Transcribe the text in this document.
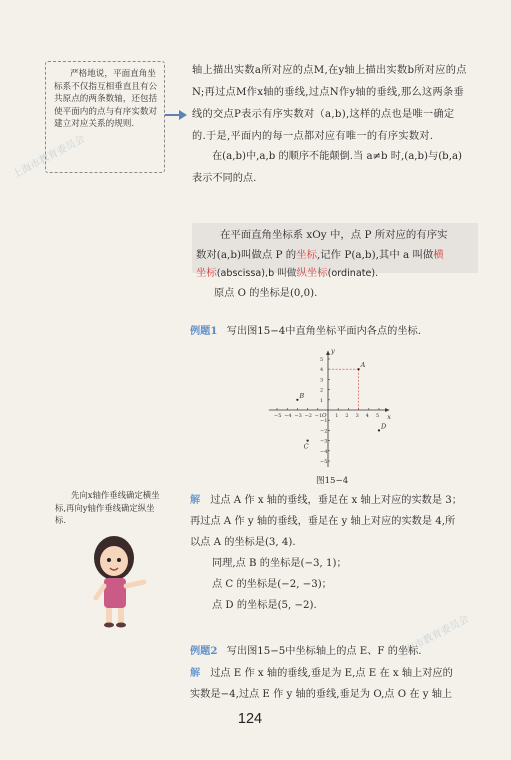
上海市教育委员会
上海市教育委员会
严格地说，平面直角坐标系不仅指互相垂直且有公共原点的两条数轴，还包括使平面内的点与有序实数对建立对应关系的规则.
轴上描出实数a所对应的点M,在y轴上描出实数b所对应的点
N;再过点M作x轴的垂线,过点N作y轴的垂线,那么这两条垂
线的交点P表示有序实数对（a,b),这样的点也是唯一确定
的.于是,平面内的每一点都对应有唯一的有序实数对.
在(a,b)中,a,b 的顺序不能颠倒.当 a≠b 时,(a,b)与(b,a)
表示不同的点.
在平面直角坐标系 xOy 中，点 P 所对应的有序实
数对(a,b)叫做点 P 的坐标,记作 P(a,b),其中 a 叫做横
坐标(abscissa),b 叫做纵坐标(ordinate).
原点 O 的坐标是(0,0).
例题1 写出图15−4中直角坐标平面内各点的坐标.
x
y
O
−5 −4 −3 −2 −1	1 2 3 4 5
5
4
3
2
1
−1
−2
−3
−4
−5
A
B
C
D
图15−4
先向x轴作垂线确定横坐标,再向y轴作垂线确定纵坐标.
解 过点 A 作 x 轴的垂线，垂足在 x 轴上对应的实数是 3；
再过点 A 作 y 轴的垂线，垂足在 y 轴上对应的实数是 4,所
以点 A 的坐标是(3, 4).
同理,点 B 的坐标是(−3, 1)；
点 C 的坐标是(−2, −3)；
点 D 的坐标是(5, −2).
例题2 写出图15−5中坐标轴上的点 E、F 的坐标.
解 过点 E 作 x 轴的垂线,垂足为 E,点 E 在 x 轴上对应的
实数是−4,过点 E 作 y 轴的垂线,垂足为 O,点 O 在 y 轴上
124
